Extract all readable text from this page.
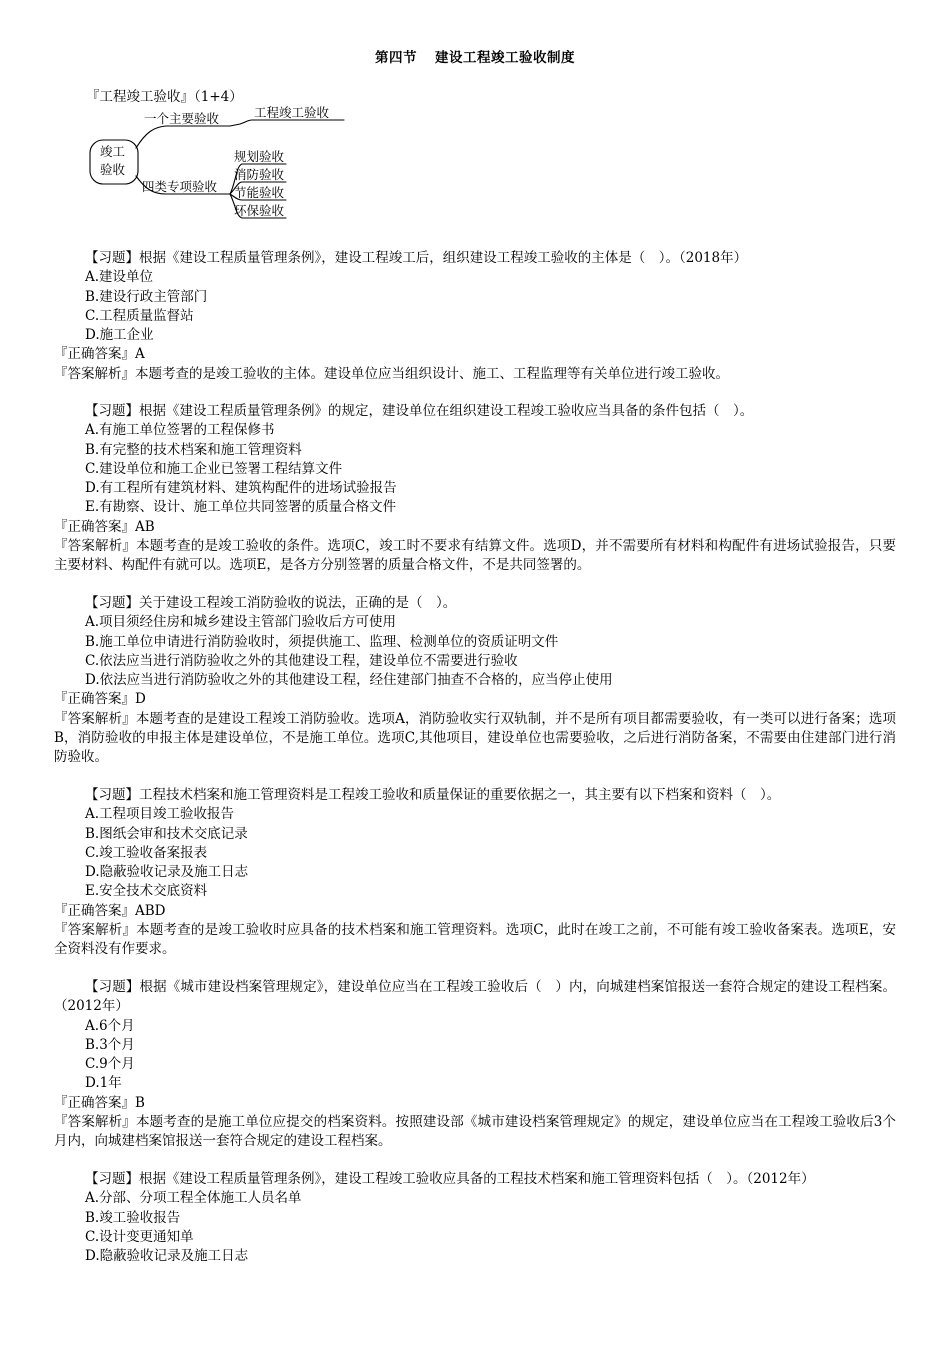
第四节 建设工程竣工验收制度
『工程竣工验收』（1+4）
竣工
验收
一个主要验收	工程竣工验收
四类专项验收
规划验收
消防验收
节能验收
环保验收
【习题】根据《建设工程质量管理条例》，建设工程竣工后，组织建设工程竣工验收的主体是（　）。（2018年）
A.建设单位
B.建设行政主管部门
C.工程质量监督站
D.施工企业
『正确答案』A
『答案解析』本题考查的是竣工验收的主体。建设单位应当组织设计、施工、工程监理等有关单位进行竣工验收。
【习题】根据《建设工程质量管理条例》的规定，建设单位在组织建设工程竣工验收应当具备的条件包括（　）。
A.有施工单位签署的工程保修书
B.有完整的技术档案和施工管理资料
C.建设单位和施工企业已签署工程结算文件
D.有工程所有建筑材料、建筑构配件的进场试验报告
E.有勘察、设计、施工单位共同签署的质量合格文件
『正确答案』AB
『答案解析』本题考查的是竣工验收的条件。选项C，竣工时不要求有结算文件。选项D，并不需要所有材料和构配件有进场试验报告，只要主要材料、构配件有就可以。选项E，是各方分别签署的质量合格文件，不是共同签署的。
【习题】关于建设工程竣工消防验收的说法，正确的是（　）。
A.项目须经住房和城乡建设主管部门验收后方可使用
B.施工单位申请进行消防验收时，须提供施工、监理、检测单位的资质证明文件
C.依法应当进行消防验收之外的其他建设工程，建设单位不需要进行验收
D.依法应当进行消防验收之外的其他建设工程，经住建部门抽查不合格的，应当停止使用
『正确答案』D
『答案解析』本题考查的是建设工程竣工消防验收。选项A，消防验收实行双轨制，并不是所有项目都需要验收，有一类可以进行备案；选项B，消防验收的申报主体是建设单位，不是施工单位。选项C,其他项目，建设单位也需要验收，之后进行消防备案，不需要由住建部门进行消防验收。
【习题】工程技术档案和施工管理资料是工程竣工验收和质量保证的重要依据之一，其主要有以下档案和资料（　）。
A.工程项目竣工验收报告
B.图纸会审和技术交底记录
C.竣工验收备案报表
D.隐蔽验收记录及施工日志
E.安全技术交底资料
『正确答案』ABD
『答案解析』本题考查的是竣工验收时应具备的技术档案和施工管理资料。选项C，此时在竣工之前，不可能有竣工验收备案表。选项E，安全资料没有作要求。
【习题】根据《城市建设档案管理规定》，建设单位应当在工程竣工验收后（　）内，向城建档案馆报送一套符合规定的建设工程档案。（2012年）
A.6个月
B.3个月
C.9个月
D.1年
『正确答案』B
『答案解析』本题考查的是施工单位应提交的档案资料。按照建设部《城市建设档案管理规定》的规定，建设单位应当在工程竣工验收后3个月内，向城建档案馆报送一套符合规定的建设工程档案。
【习题】根据《建设工程质量管理条例》，建设工程竣工验收应具备的工程技术档案和施工管理资料包括（　）。（2012年）
A.分部、分项工程全体施工人员名单
B.竣工验收报告
C.设计变更通知单
D.隐蔽验收记录及施工日志
